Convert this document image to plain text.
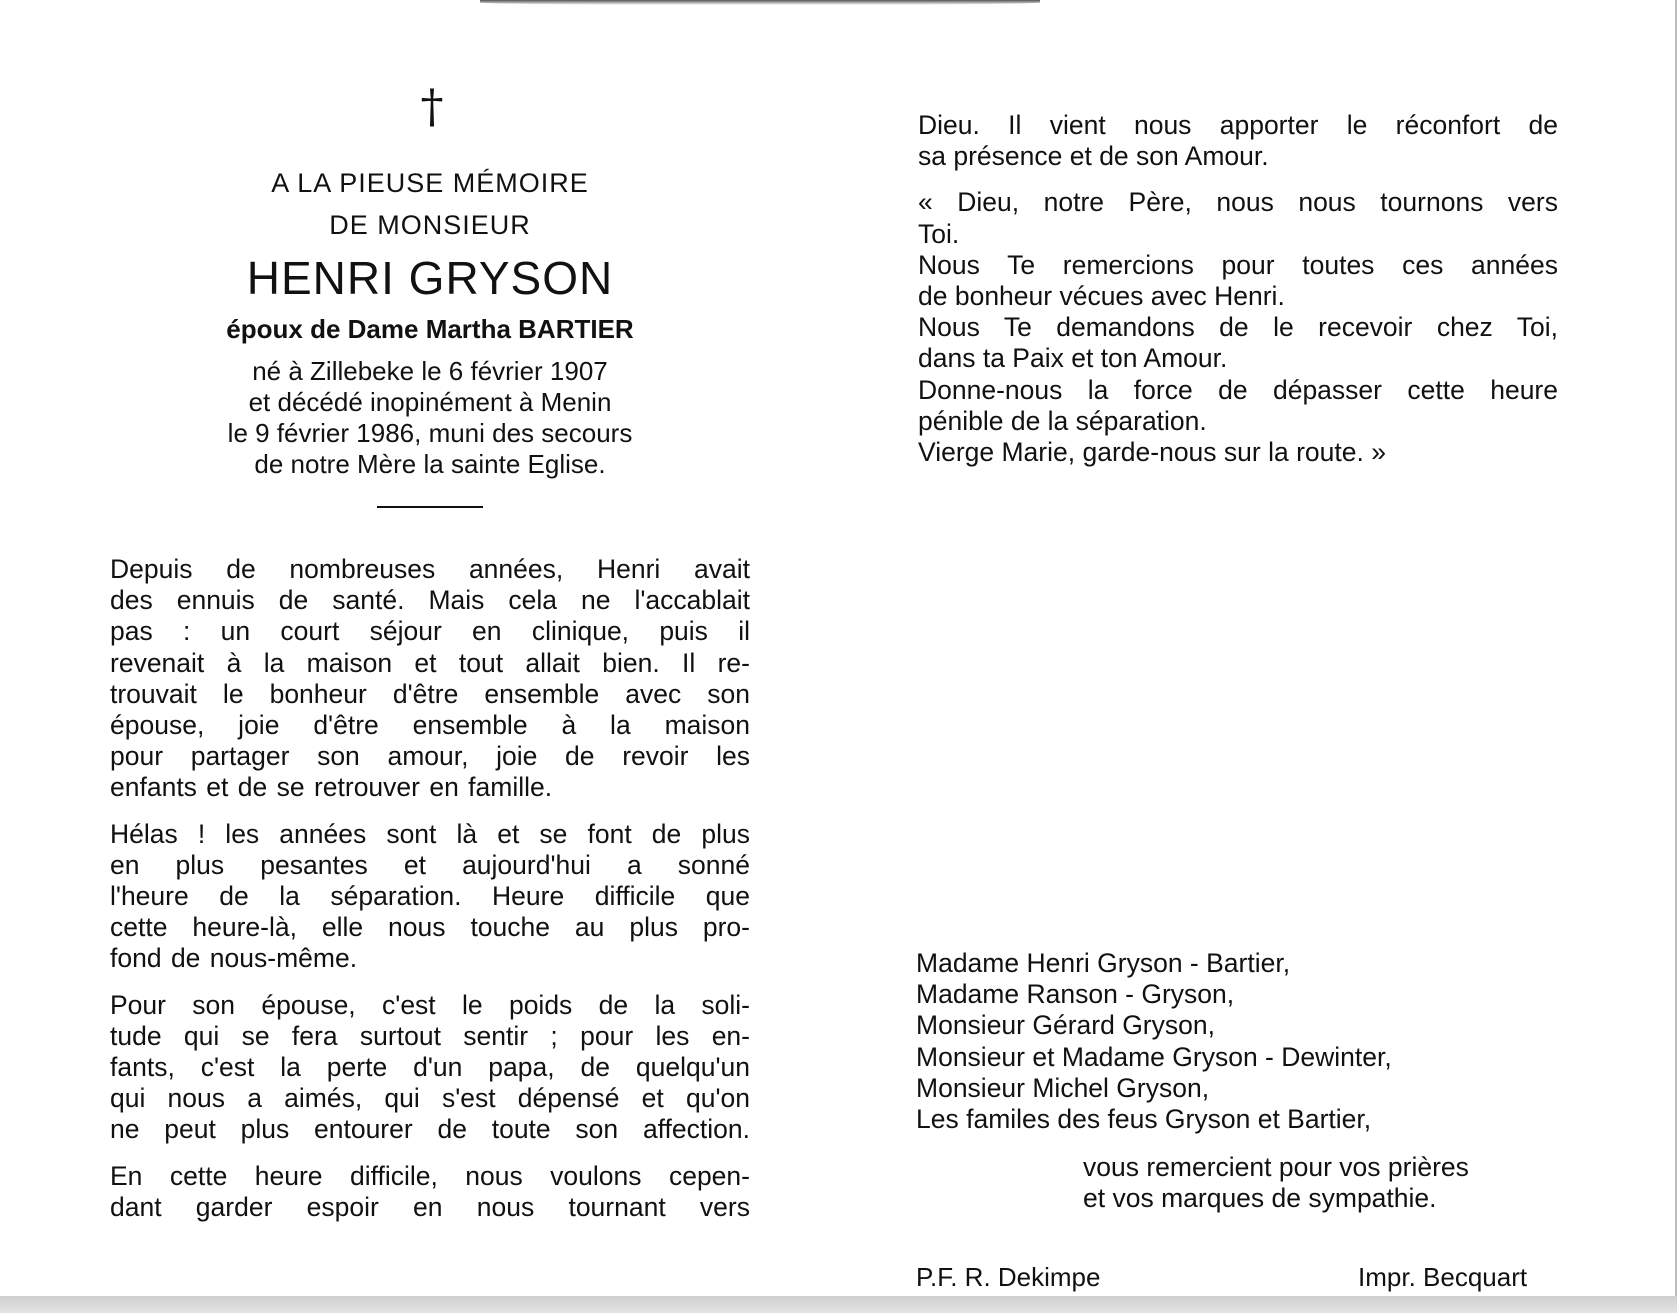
†
A LA PIEUSE MÉMOIRE
DE MONSIEUR
HENRI GRYSON
époux de Dame Martha BARTIER
né à Zillebeke le 6 février 1907
et décédé inopinément à Menin
le 9 février 1986, muni des secours
de notre Mère la sainte Eglise.
Depuis de nombreuses années, Henri avait
des ennuis de santé. Mais cela ne l'accablait
pas : un court séjour en clinique, puis il
revenait à la maison et tout allait bien. Il re-
trouvait le bonheur d'être ensemble avec son
épouse, joie d'être ensemble à la maison
pour partager son amour, joie de revoir les
enfants et de se retrouver en famille.
Hélas ! les années sont là et se font de plus
en plus pesantes et aujourd'hui a sonné
l'heure de la séparation. Heure difficile que
cette heure-là, elle nous touche au plus pro-
fond de nous-même.
Pour son épouse, c'est le poids de la soli-
tude qui se fera surtout sentir ; pour les en-
fants, c'est la perte d'un papa, de quelqu'un
qui nous a aimés, qui s'est dépensé et qu'on
ne peut plus entourer de toute son affection.
En cette heure difficile, nous voulons cepen-
dant garder espoir en nous tournant vers
Dieu. Il vient nous apporter le réconfort de
sa présence et de son Amour.
« Dieu, notre Père, nous nous tournons vers
Toi.
Nous Te remercions pour toutes ces années
de bonheur vécues avec Henri.
Nous Te demandons de le recevoir chez Toi,
dans ta Paix et ton Amour.
Donne-nous la force de dépasser cette heure
pénible de la séparation.
Vierge Marie, garde-nous sur la route. »
Madame Henri Gryson - Bartier,
Madame Ranson - Gryson,
Monsieur Gérard Gryson,
Monsieur et Madame Gryson - Dewinter,
Monsieur Michel Gryson,
Les familes des feus Gryson et Bartier,
vous remercient pour vos prières
et vos marques de sympathie.
P.F. R. Dekimpe	Impr. Becquart
